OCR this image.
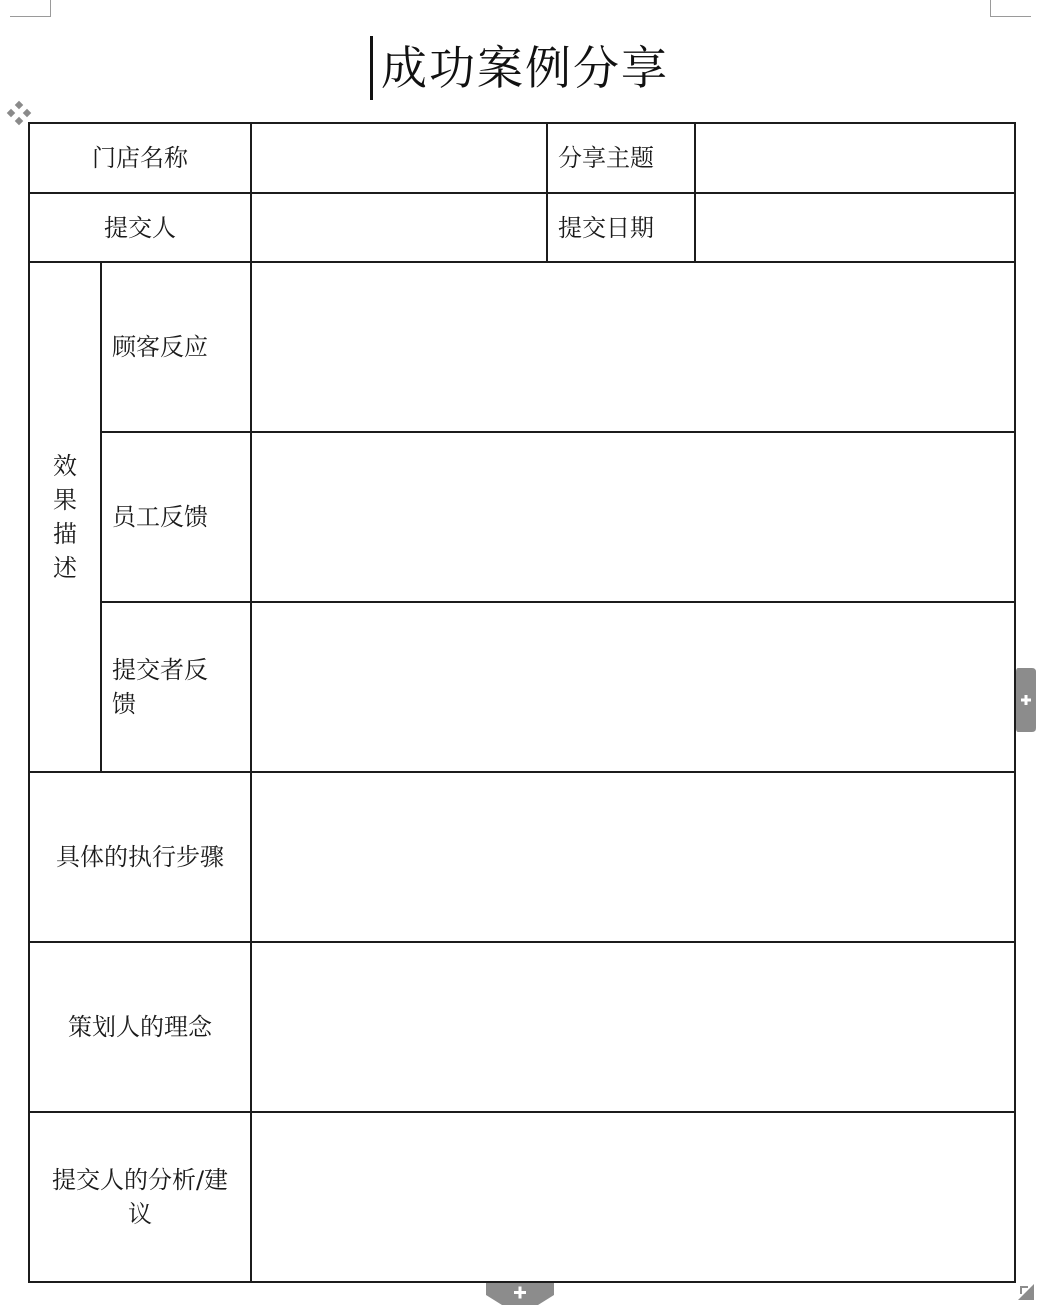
成功案例分享
门店名称			分享主题	
提交人			提交日期	

效
果
描
述	顾客反应			
	员工反馈			
	提交者反馈			
具体的执行步骤				
策划人的理念				
提交人的分析/建议				
